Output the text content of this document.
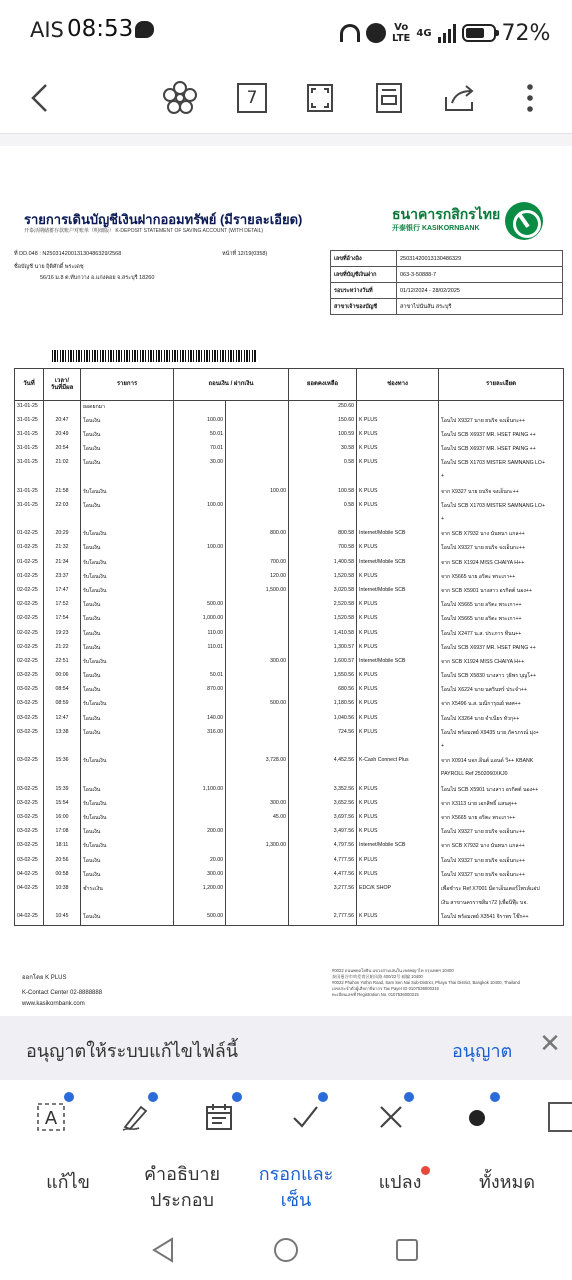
AIS 08:53	Vo
LTE 4G	72%
7
รายการเดินบัญชีเงินฝากออมทรัพย์ (มีรายละเอียด)
开泰活期储蓄存款账户对账单（明细版） K-DEPOSIT STATEMENT OF SAVING ACCOUNT (WITH DETAIL)
ธนาคารกสิกรไทย
开泰银行 KASIKORNBANK
ที่ DD.048 : N2503142001313048632​9/2568	หน้าที่ 12/19(0358)
ชื่อบัญชี นาย ฤิติศักดิ์ พระเดชุ
56/16 ม.8 ต.ทับกวาง อ.แก่งคอย จ.สระบุรี 18260
เลขที่อ้างอิง	250314200131304863​29
เลขที่บัญชีเงินฝาก	063-3-50888-7
รอบระหว่างวันที่	01/12/2024 - 28/02/2025
สาขาเจ้าของบัญชี	สาขาไปนันสัน สระบุรี
วันที่	เวลา/
วันที่มีผล	รายการ	ถอนเงิน / ฝากเงิน		ยอดคงเหลือ	ช่องทาง	รายละเอียด
31-01-25		ยอดยกมา			250.60		
31-01-25	20:47	โอนเงิน	100.00		150.60	K PLUS	โอนไป X9327 นาย ยนริจ จงเอ็นกะ++
31-01-25	20:49	โอนเงิน	50.01		100.59	K PLUS	โอนไป SCB X6937 MR. HSET PAING ++
31-01-25	20:54	โอนเงิน	70.01		30.58	K PLUS	โอนไป SCB X6937 MR. HSET PAING ++
31-01-25	21:02	โอนเงิน	30.00		0.58	K PLUS	โอนไป SCB X1703 MISTER SAMNANG LO+
							+
31-01-25	21:58	รับโอนเงิน		100.00	100.58	K PLUS	จาก X9327 นาย ยนริจ จงเอ็นกะ++
31-01-25	22:03	โอนเงิน	100.00		0.58	K PLUS	โอนไป SCB X1703 MISTER SAMNANG LO+
							+
01-02-25	20:29	รับโอนเงิน		800.00	800.58	Internet/Mobile SCB	จาก SCB X7932 นาง นันทนา แกล++
01-02-25	21:32	โอนเงิน	100.00		700.58	K PLUS	โอนไป X9327 นาย ยนริจ จงเอ็นกะ++
01-02-25	21:34	รับโอนเงิน		700.00	1,400.58	Internet/Mobile SCB	จาก SCB X1924 MISS CHAIYA H++
01-02-25	23:37	รับโอนเงิน		120.00	1,520.58	K PLUS	จาก X5665 นาย อริตะ พระเกา++
02-02-25	17:47	รับโอนเงิน		1,500.00	3,020.58	Internet/Mobile SCB	จาก SCB X5901 นางสาว อรกิตต์ นอง++
02-02-25	17:52	โอนเงิน	500.00		2,520.58	K PLUS	โอนไป X5665 นาย อริตะ พระเกา++
02-02-25	17:54	โอนเงิน	1,000.00		1,520.58	K PLUS	โอนไป X5665 นาย อริตะ พระเกา++
02-02-25	19:23	โอนเงิน	110.00		1,410.58	K PLUS	โอนไป X2477 น.ส. ประภาร ทีนน++
02-02-25	21:22	โอนเงิน	110.01		1,300.57	K PLUS	โอนไป SCB X6937 MR. HSET PAING ++
02-02-25	22:51	รับโอนเงิน		300.00	1,600.57	Internet/Mobile SCB	จาก SCB X1924 MISS CHAIYA H++
03-02-25	00:06	โอนเงิน	50.01		1,550.56	K PLUS	โอนไป SCB X5830 นางสาว วุธิพร บุญโ++
03-02-25	08:54	โอนเงิน	870.00		680.56	K PLUS	โอนไป X6224 นาย นตรินทร์ ประจำ++
03-02-25	08:59	รับโอนเงิน		500.00	1,180.56	K PLUS	จาก X5496 น.ส. มณีการุณย์ พงศ++
03-02-25	12:47	โอนเงิน	140.00		1,040.56	K PLUS	โอนไป X3264 นาย จำเนียร ทัวกุ++
03-02-25	13:38	โอนเงิน	316.00		724.56	K PLUS	โอนไป พร้อมเพย์ X9435 นาย ภัครภรณ์ มุ่ง+
							+
03-02-25	15:36	รับโอนเงิน		3,728.00	4,452.56	K-Cash Connect Plus	จาก X0914 บจก.ลีนต์ แอนด์ วี++ KBANK
							PAYROLL Ref 2502060XKJ0
03-02-25	15:39	โอนเงิน	1,100.00		3,352.56	K PLUS	โอนไป SCB X5901 นางสาว อรกิตต์ นอง++
03-02-25	15:54	รับโอนเงิน		300.00	3,652.56	K PLUS	จาก X3113 นาย เอกสิทธิ์ แสนสุ++
03-02-25	16:00	รับโอนเงิน		45.00	3,697.56	K PLUS	จาก X5665 นาย อริตะ พระเกา++
03-02-25	17:08	โอนเงิน	200.00		3,497.56	K PLUS	โอนไป X9327 นาย ยนริจ จงเอ็นกะ++
03-02-25	18:11	รับโอนเงิน		1,300.00	4,797.56	Internet/Mobile SCB	จาก SCB X7932 นาง นันทนา แกล++
03-02-25	20:56	โอนเงิน	20.00		4,777.56	K PLUS	โอนไป X9327 นาย ยนริจ จงเอ็นกะ++
04-02-25	00:58	โอนเงิน	300.00		4,477.56	K PLUS	โอนไป X9327 นาย ยนริจ จงเอ็นกะ++
04-02-25	10:38	ชำระเงิน	1,200.00		3,277.56	EDC/K SHOP	เพื่อชำระ Ref X7001 มีดาเอ็นเตอร์ไพรส์แอ่ป
							เงิน สาขานครราชสีมา72 (เพื่อนีฟุ๊ะ บจ.
04-02-25	10:45	โอนเงิน	500.00		2,777.56	K PLUS	โอนไป พร้อมเพย์ X3541 จิราพร โช๊ก++
ออกโดย K PLUS
K-Contact Center 02-8888888
www.kasikornbank.com
#0022 ถนนพหลโยธิน แขวงสามเสนใน เขตพญาไท กรุงเทพฯ 10400
泰国曼谷市叻差育区帕凤路 400/22号 邮编 10400
#0022 Phahon Yothin Road, Sam Sen Nai Sub-District, Phaya Thai District, Bangkok 10400, Thailand
เลขประจำตัวผู้เสียภาษีอากร Tax Payer ID 0107536000315
ทะเบียนเลขที่ Registration No. 0107536000315
อนุญาตให้ระบบแก้ไขไฟล์นี้	อนุญาต ✕
A
แก้ไข	คำอธิบาย
ประกอบ
กรอกและ
เซ็น
แปลง	ทั้งหมด
